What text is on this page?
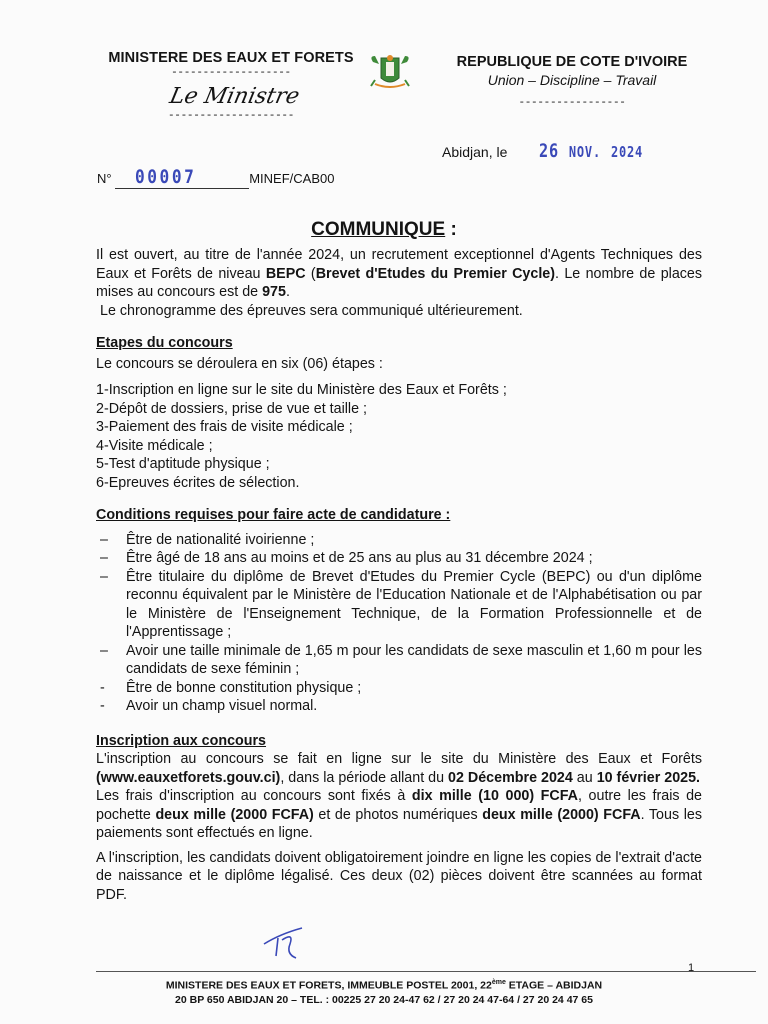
MINISTERE DES EAUX ET FORETS
-------------------
Le Ministre
--------------------
REPUBLIQUE DE COTE D'IVOIRE
Union – Discipline – Travail
-----------------
Abidjan, le 26 NOV. 2024
N° 00007	MINEF/CAB00
COMMUNIQUE :

Il est ouvert, au titre de l'année 2024, un recrutement exceptionnel d'Agents Techniques des Eaux et Forêts de niveau BEPC (Brevet d'Etudes du Premier Cycle). Le nombre de places mises au concours est de 975.

Le chronogramme des épreuves sera communiqué ultérieurement.

Etapes du concours

Le concours se déroulera en six (06) étapes :

1-Inscription en ligne sur le site du Ministère des Eaux et Forêts ;
2-Dépôt de dossiers, prise de vue et taille ;
3-Paiement des frais de visite médicale ;
4-Visite médicale ;
5-Test d'aptitude physique ;
6-Epreuves écrites de sélection.

Conditions requises pour faire acte de candidature :

–	Être de nationalité ivoirienne ;
–	Être âgé de 18 ans au moins et de 25 ans au plus au 31 décembre 2024 ;
–	Être titulaire du diplôme de Brevet d'Etudes du Premier Cycle (BEPC) ou d'un diplôme reconnu équivalent par le Ministère de l'Education Nationale et de l'Alphabétisation ou par le Ministère de l'Enseignement Technique, de la Formation Professionnelle et de l'Apprentissage ;
–	Avoir une taille minimale de 1,65 m pour les candidats de sexe masculin et 1,60 m pour les candidats de sexe féminin ;
-	Être de bonne constitution physique ;
-	Avoir un champ visuel normal.

Inscription aux concours

L'inscription au concours se fait en ligne sur le site du Ministère des Eaux et Forêts (www.eauxetforets.gouv.ci), dans la période allant du 02 Décembre 2024 au 10 février 2025.

Les frais d'inscription au concours sont fixés à dix mille (10 000) FCFA, outre les frais de pochette deux mille (2000 FCFA) et de photos numériques deux mille (2000) FCFA. Tous les paiements sont effectués en ligne.

A l'inscription, les candidats doivent obligatoirement joindre en ligne les copies de l'extrait d'acte de naissance et le diplôme légalisé. Ces deux (02) pièces doivent être scannées au format PDF.

1
MINISTERE DES EAUX ET FORETS, IMMEUBLE POSTEL 2001, 22ème ETAGE – ABIDJAN
20 BP 650 ABIDJAN 20 – TEL. : 00225 27 20 24-47 62 / 27 20 24 47-64 / 27 20 24 47 65
